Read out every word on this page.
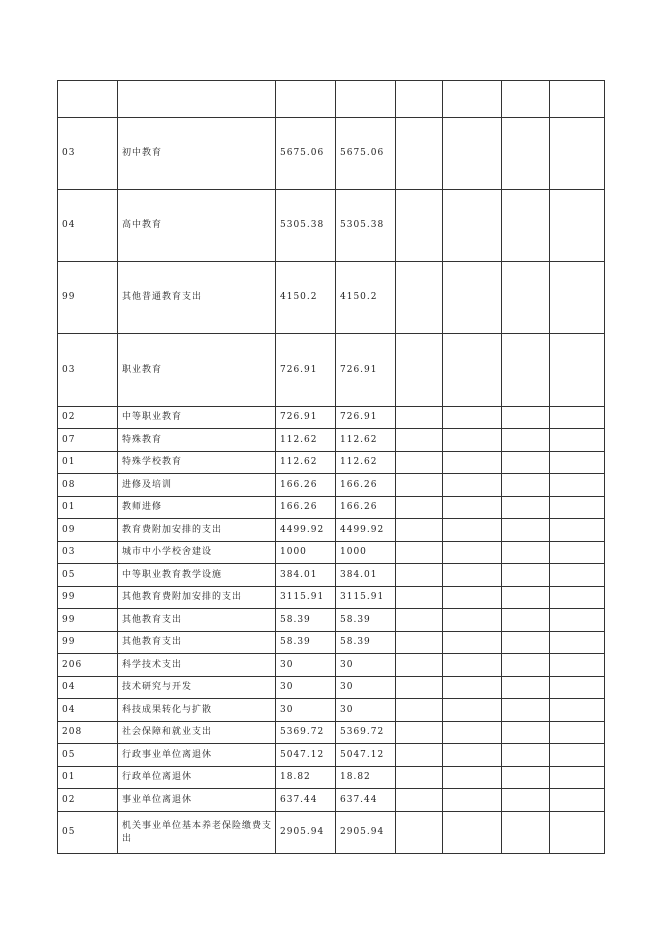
03	初中教育	5675.06	5675.06				
04	高中教育	5305.38	5305.38				
99	其他普通教育支出	4150.2	4150.2				
03	职业教育	726.91	726.91				
02	中等职业教育	726.91	726.91				
07	特殊教育	112.62	112.62				
01	特殊学校教育	112.62	112.62				
08	进修及培训	166.26	166.26				
01	教师进修	166.26	166.26				
09	教育费附加安排的支出	4499.92	4499.92				
03	城市中小学校舍建设	1000	1000				
05	中等职业教育教学设施	384.01	384.01				
99	其他教育费附加安排的支出	3115.91	3115.91				
99	其他教育支出	58.39	58.39				
99	其他教育支出	58.39	58.39				
206	科学技术支出	30	30				
04	技术研究与开发	30	30				
04	科技成果转化与扩散	30	30				
208	社会保障和就业支出	5369.72	5369.72				
05	行政事业单位离退休	5047.12	5047.12				
01	行政单位离退休	18.82	18.82				
02	事业单位离退休	637.44	637.44				
05	机关事业单位基本养老保险缴费支出	2905.94	2905.94				
